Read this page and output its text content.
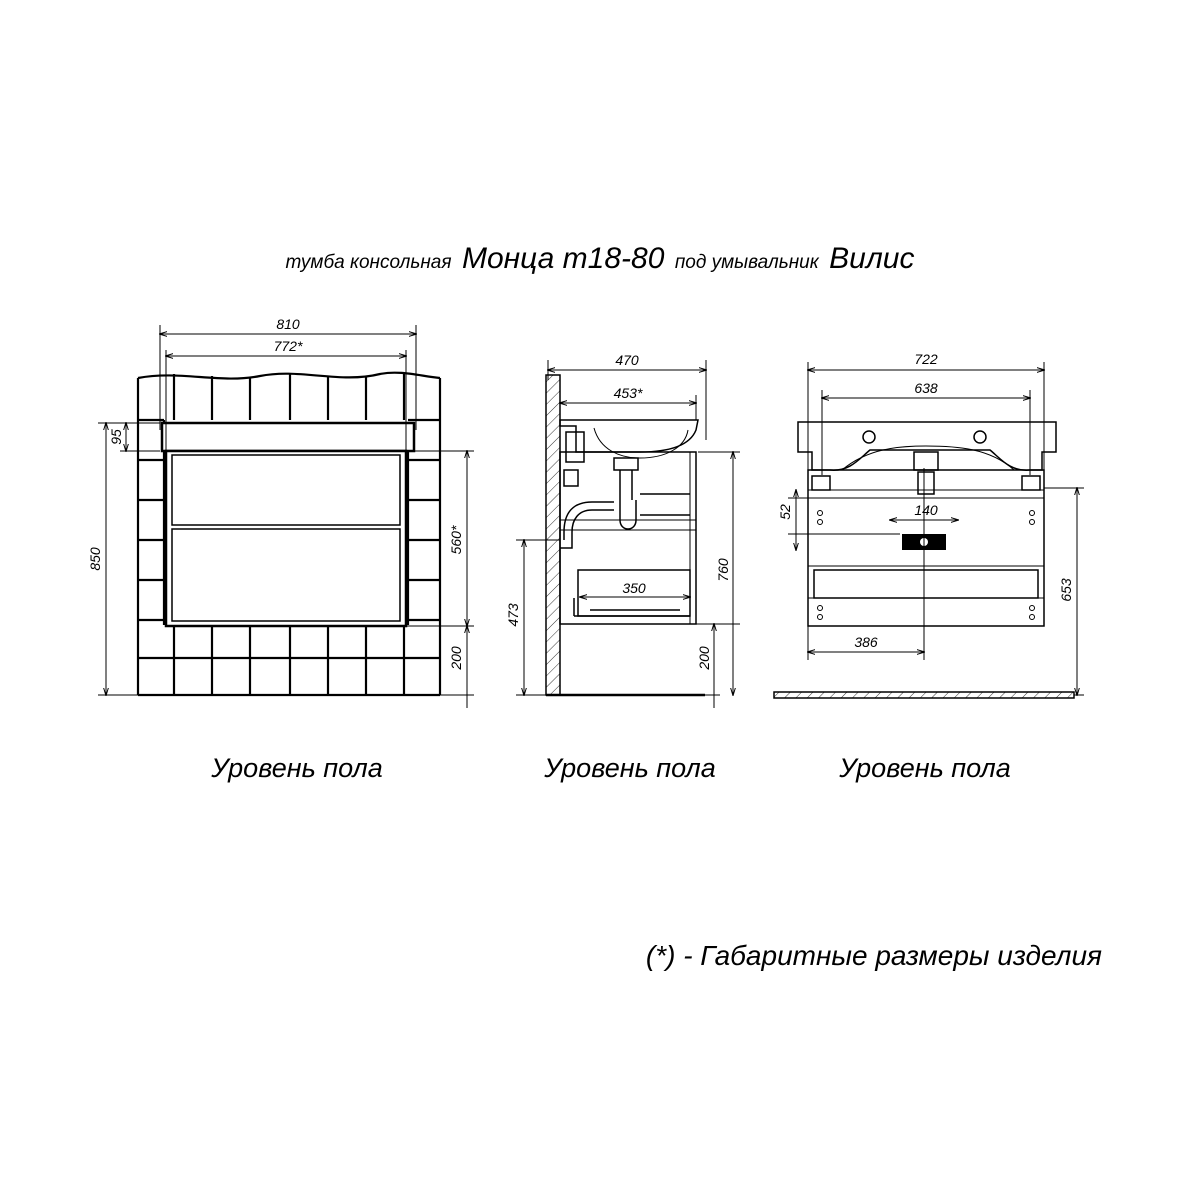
тумба консольная Монца т18-80 под умывальник Вилис
810
772*
95
850
560*
200
470
453*
473
760
200
350
722
638
52	140
386
653
Уровень пола	Уровень пола	Уровень пола
(*) - Габаритные размеры изделия
